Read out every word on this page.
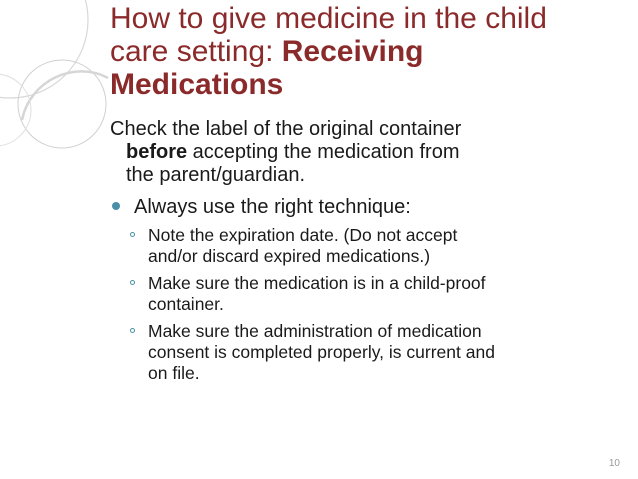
How to give medicine in the child
care setting: Receiving
Medications

Check the label of the original container
before accepting the medication from
the parent/guardian.

Always use the right technique:
Note the expiration date. (Do not accept
and/or discard expired medications.)
Make sure the medication is in a child-proof
container.
Make sure the administration of medication
consent is completed properly, is current and
on file.
10
